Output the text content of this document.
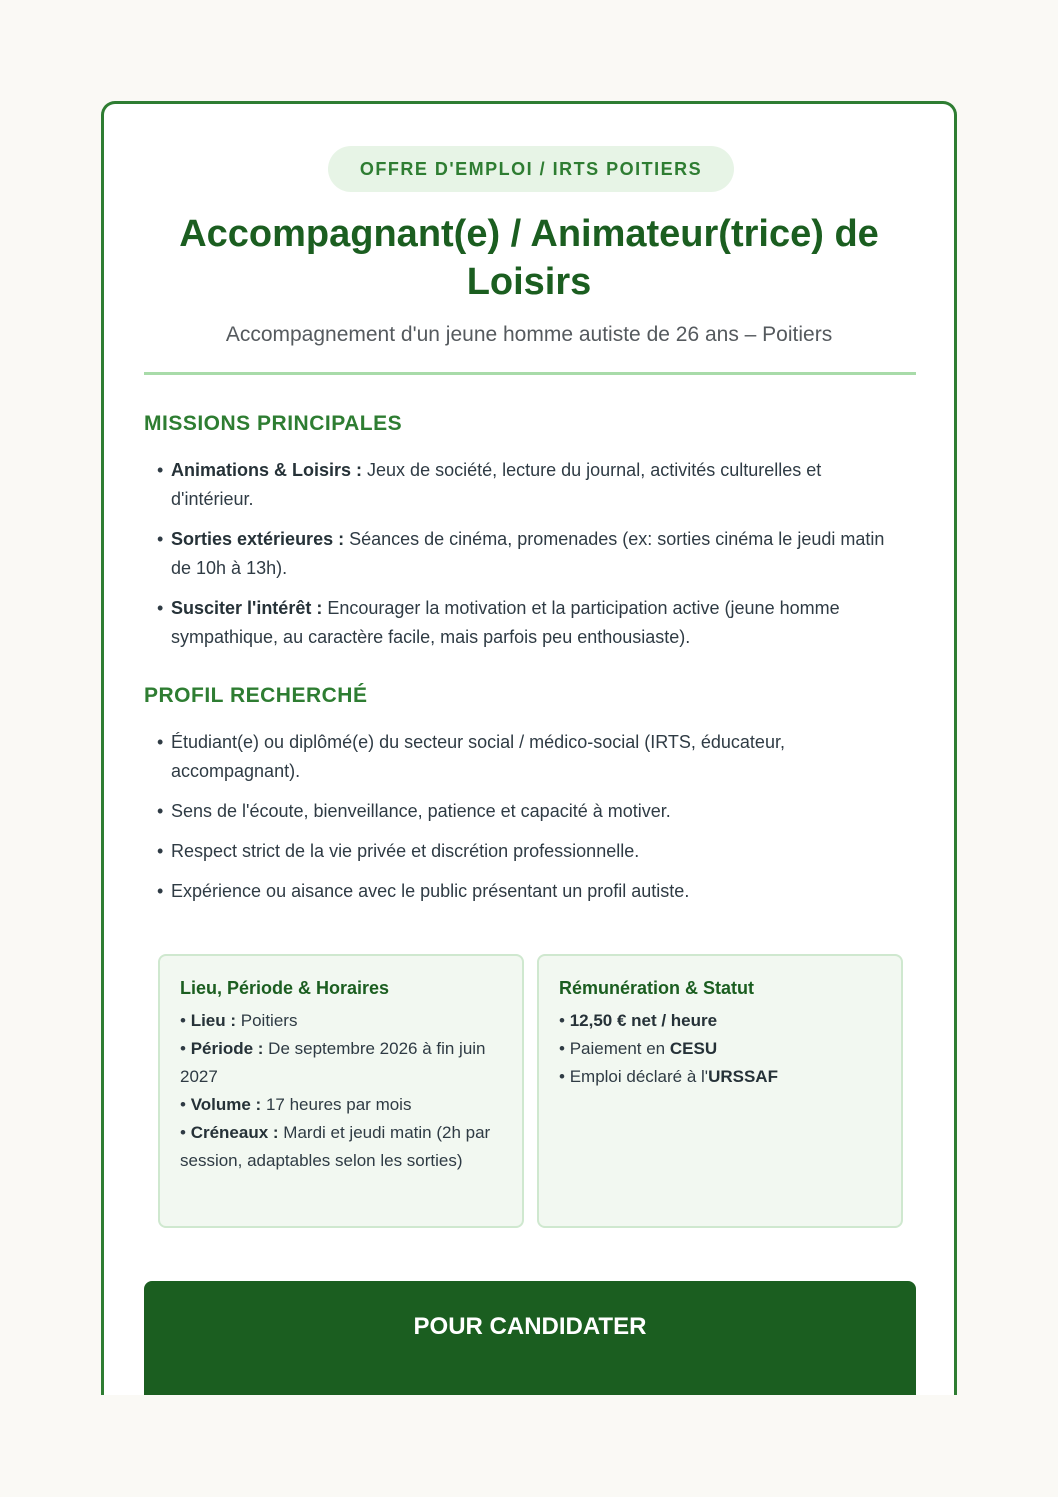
OFFRE D'EMPLOI / IRTS POITIERS
Accompagnant(e) / Animateur(trice) de Loisirs
Accompagnement d'un jeune homme autiste de 26 ans – Poitiers
MISSIONS PRINCIPALES
• Animations & Loisirs : Jeux de société, lecture du journal, activités culturelles et d'intérieur.
• Sorties extérieures : Séances de cinéma, promenades (ex: sorties cinéma le jeudi matin de 10h à 13h).
• Susciter l'intérêt : Encourager la motivation et la participation active (jeune homme sympathique, au caractère facile, mais parfois peu enthousiaste).
PROFIL RECHERCHÉ
• Étudiant(e) ou diplômé(e) du secteur social / médico-social (IRTS, éducateur, accompagnant).
• Sens de l'écoute, bienveillance, patience et capacité à motiver.
• Respect strict de la vie privée et discrétion professionnelle.
• Expérience ou aisance avec le public présentant un profil autiste.
Lieu, Période & Horaires
• Lieu : Poitiers
• Période : De septembre 2026 à fin juin 2027
• Volume : 17 heures par mois
• Créneaux : Mardi et jeudi matin (2h par session, adaptables selon les sorties)
Rémunération & Statut
• 12,50 € net / heure
• Paiement en CESU
• Emploi déclaré à l'URSSAF
POUR CANDIDATER
